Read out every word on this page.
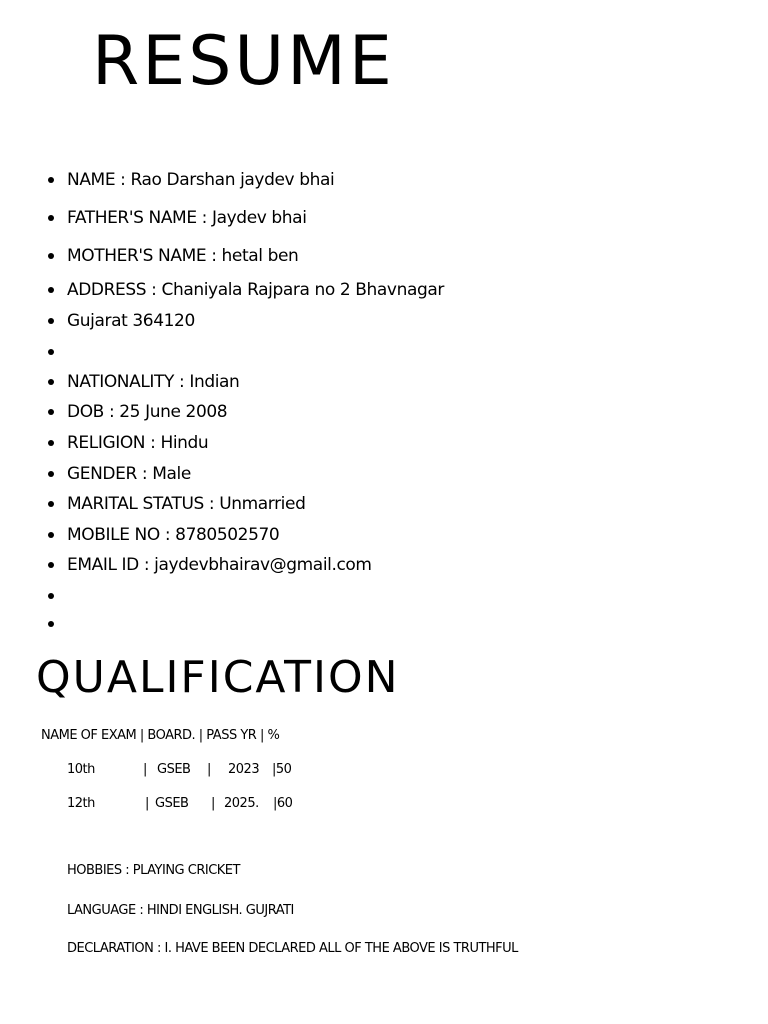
RESUME
NAME : Rao Darshan jaydev bhai
FATHER'S NAME : Jaydev bhai
MOTHER'S NAME : hetal ben
ADDRESS : Chaniyala Rajpara no 2 Bhavnagar
Gujarat 364120
NATIONALITY : Indian
DOB : 25 June 2008
RELIGION : Hindu
GENDER : Male
MARITAL STATUS : Unmarried
MOBILE NO : 8780502570
EMAIL ID : jaydevbhairav@gmail.com
QUALIFICATION
NAME OF EXAM | BOARD. | PASS YR | %
10th	| GSEB | 2023 |50
12th	| GSEB | 2025. |60
HOBBIES : PLAYING CRICKET
LANGUAGE : HINDI ENGLISH. GUJRATI
DECLARATION : I. HAVE BEEN DECLARED ALL OF THE ABOVE IS TRUTHFUL
